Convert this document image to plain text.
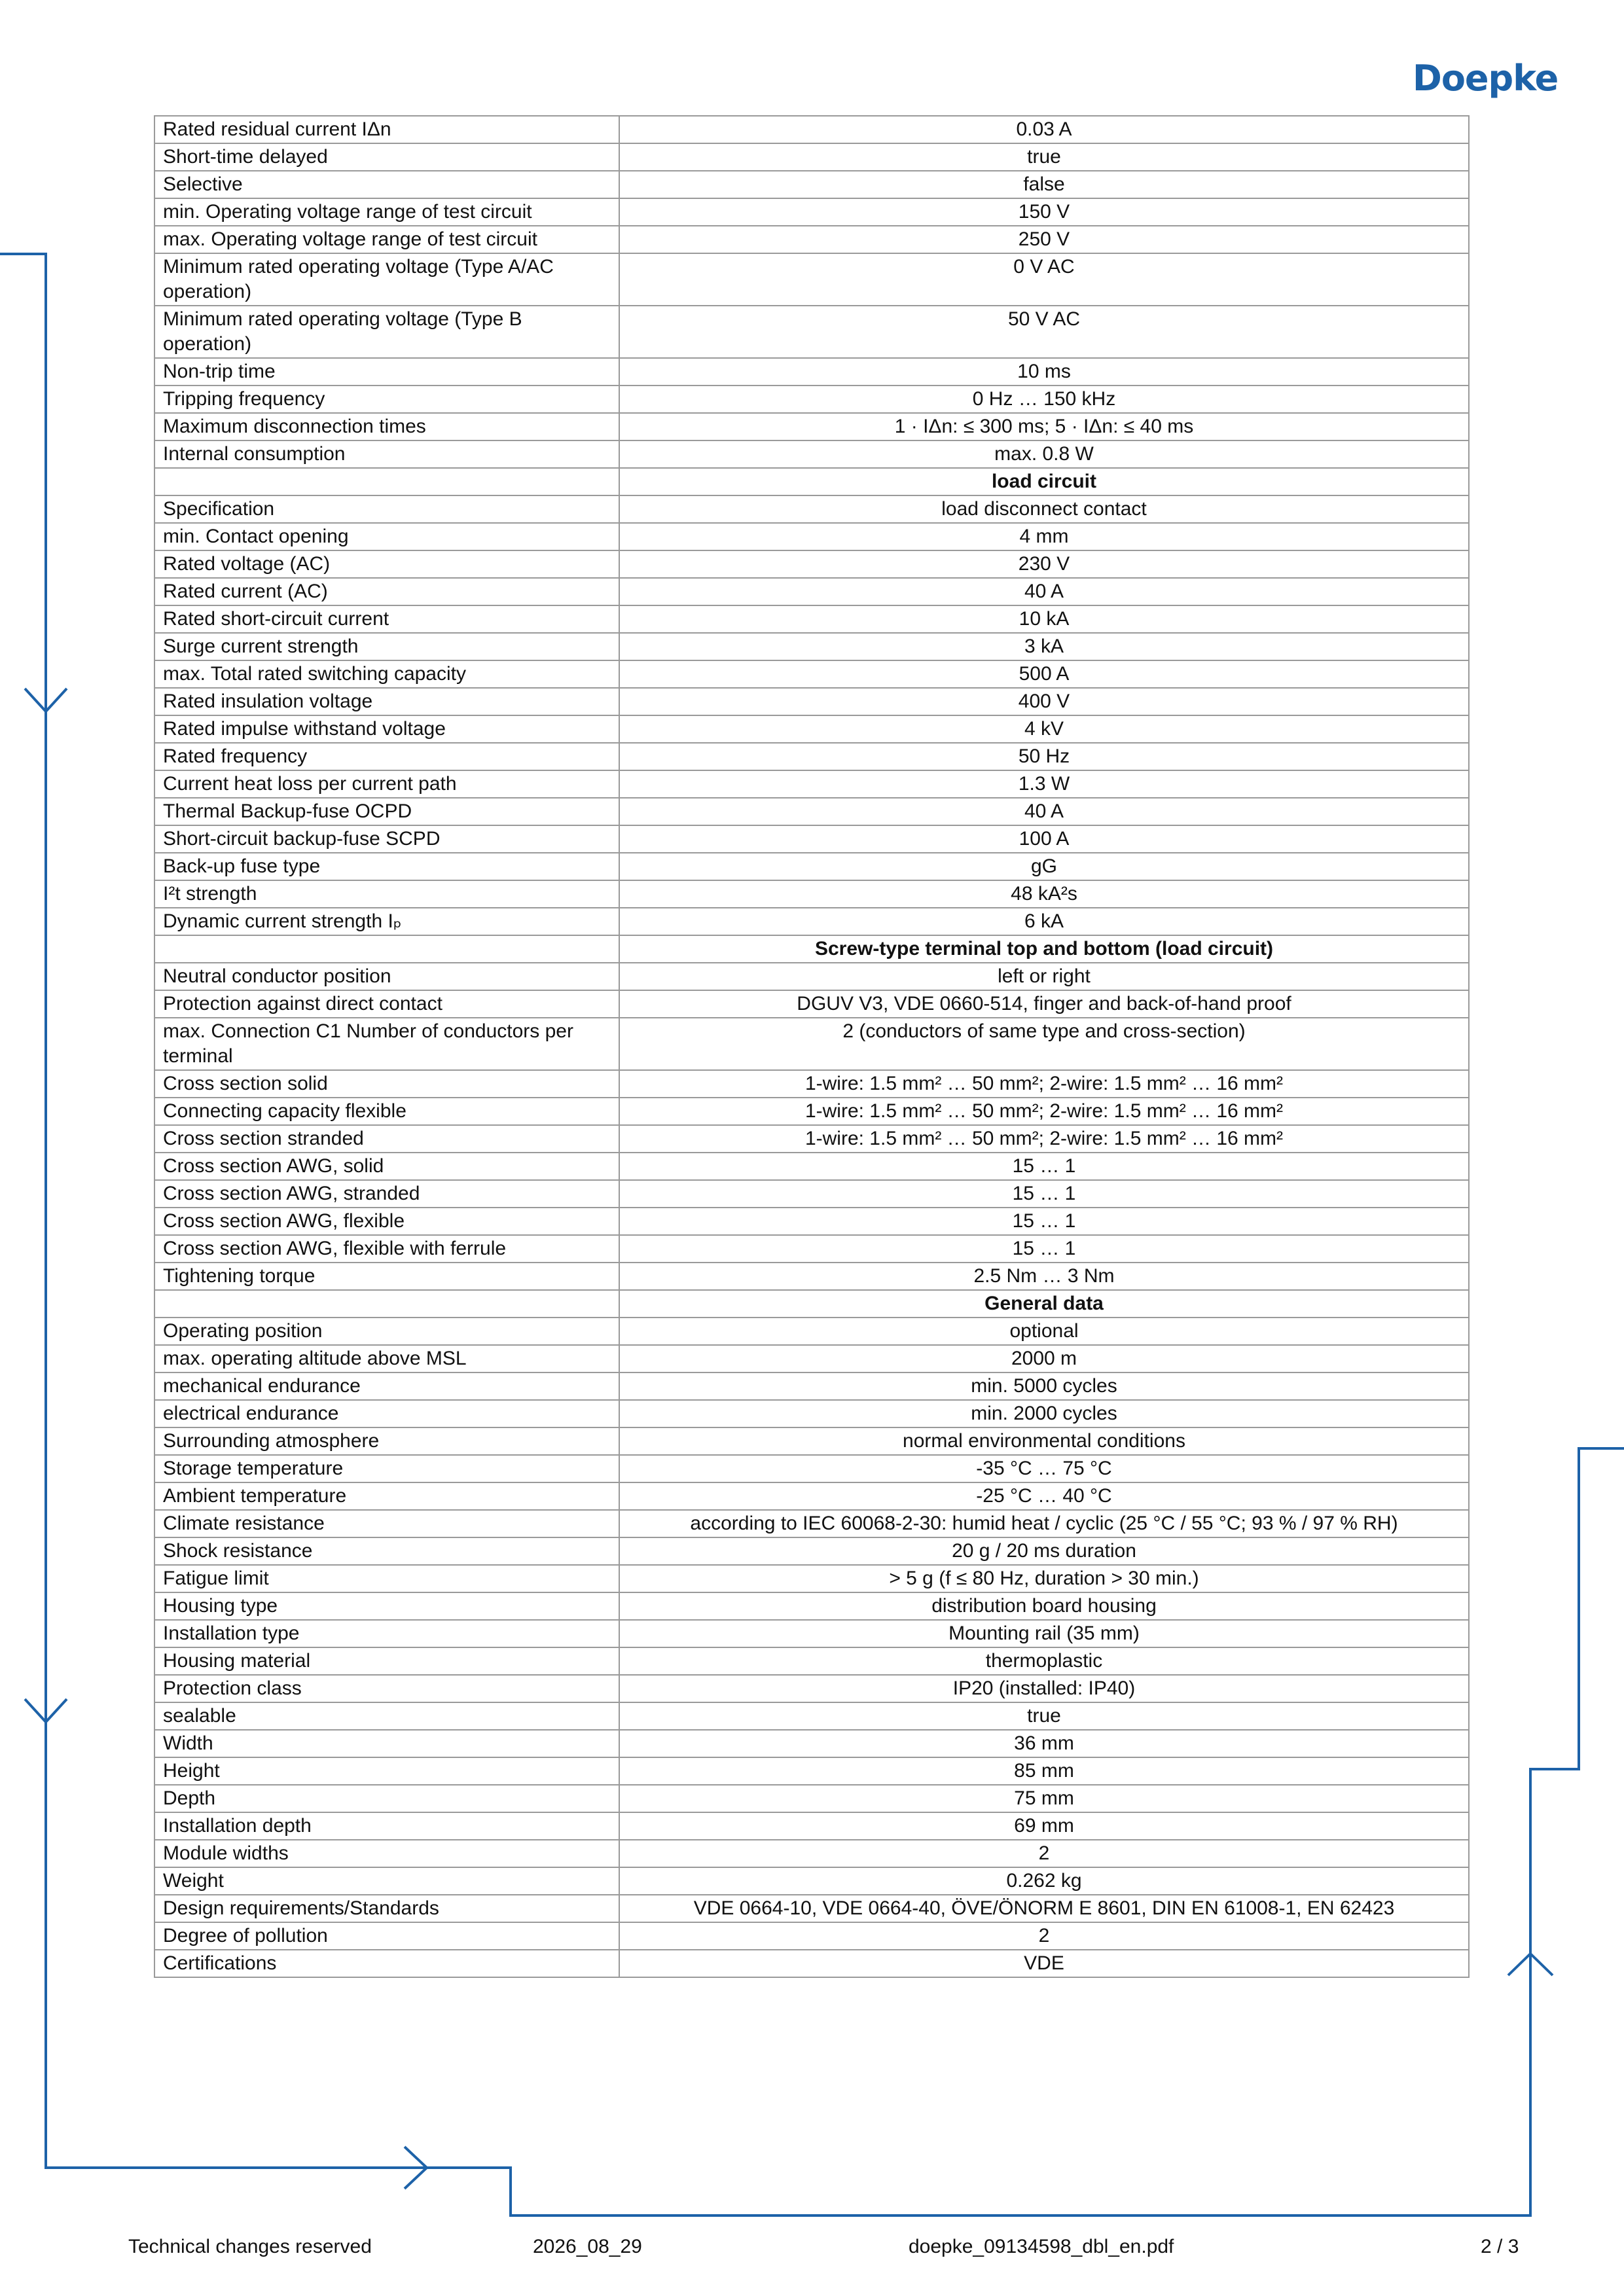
Doepke
Rated residual current IΔn	0.03 A
Short-time delayed	true
Selective	false
min. Operating voltage range of test circuit	150 V
max. Operating voltage range of test circuit	250 V
Minimum rated operating voltage (Type A/AC operation)	0 V AC
Minimum rated operating voltage (Type B operation)	50 V AC
Non-trip time	10 ms
Tripping frequency	0 Hz … 150 kHz
Maximum disconnection times	1 · IΔn: ≤ 300 ms; 5 · IΔn: ≤ 40 ms
Internal consumption	max. 0.8 W
	load circuit
Specification	load disconnect contact
min. Contact opening	4 mm
Rated voltage (AC)	230 V
Rated current (AC)	40 A
Rated short-circuit current	10 kA
Surge current strength	3 kA
max. Total rated switching capacity	500 A
Rated insulation voltage	400 V
Rated impulse withstand voltage	4 kV
Rated frequency	50 Hz
Current heat loss per current path	1.3 W
Thermal Backup-fuse OCPD	40 A
Short-circuit backup-fuse SCPD	100 A
Back-up fuse type	gG
I²t strength	48 kA²s
Dynamic current strength Iₚ	6 kA
	Screw-type terminal top and bottom (load circuit)
Neutral conductor position	left or right
Protection against direct contact	DGUV V3, VDE 0660-514, finger and back-of-hand proof
max. Connection C1 Number of conductors per terminal	2 (conductors of same type and cross-section)
Cross section solid	1-wire: 1.5 mm² … 50 mm²; 2-wire: 1.5 mm² … 16 mm²
Connecting capacity flexible	1-wire: 1.5 mm² … 50 mm²; 2-wire: 1.5 mm² … 16 mm²
Cross section stranded	1-wire: 1.5 mm² … 50 mm²; 2-wire: 1.5 mm² … 16 mm²
Cross section AWG, solid	15 … 1
Cross section AWG, stranded	15 … 1
Cross section AWG, flexible	15 … 1
Cross section AWG, flexible with ferrule	15 … 1
Tightening torque	2.5 Nm … 3 Nm
	General data
Operating position	optional
max. operating altitude above MSL	2000 m
mechanical endurance	min. 5000 cycles
electrical endurance	min. 2000 cycles
Surrounding atmosphere	normal environmental conditions
Storage temperature	-35 °C … 75 °C
Ambient temperature	-25 °C … 40 °C
Climate resistance	according to IEC 60068-2-30: humid heat / cyclic (25 °C / 55 °C; 93 % / 97 % RH)
Shock resistance	20 g / 20 ms duration
Fatigue limit	> 5 g (f ≤ 80 Hz, duration > 30 min.)
Housing type	distribution board housing
Installation type	Mounting rail (35 mm)
Housing material	thermoplastic
Protection class	IP20 (installed: IP40)
sealable	true
Width	36 mm
Height	85 mm
Depth	75 mm
Installation depth	69 mm
Module widths	2
Weight	0.262 kg
Design requirements/Standards	VDE 0664-10, VDE 0664-40, ÖVE/ÖNORM E 8601, DIN EN 61008-1, EN 62423
Degree of pollution	2
Certifications	VDE
Technical changes reserved	2026_08_29	doepke_09134598_dbl_en.pdf	2 / 3
